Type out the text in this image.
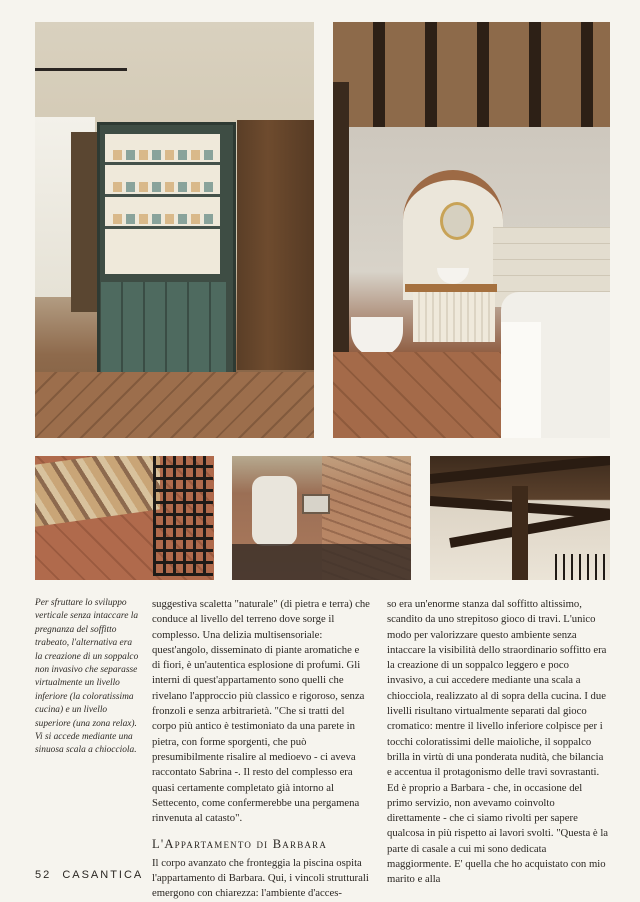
Per sfruttare lo sviluppo verticale senza intaccare la pregnanza del soffitto trabeato, l'alternativa era la creazione di un soppalco non invasivo che separasse virtualmente un livello inferiore (la coloratissima cucina) e un livello superiore (una zona relax). Vi si accede mediante una sinuosa scala a chiocciola.

suggestiva scaletta "naturale" (di pietra e terra) che conduce al livello del terreno dove sorge il complesso. Una delizia multisensoriale: quest'angolo, disseminato di piante aromatiche e di fiori, è un'autentica esplosione di profumi. Gli interni di quest'appartamento sono quelli che rivelano l'approccio più classico e rigoroso, senza fronzoli e senza arbitrarietà. "Che si tratti del corpo più antico è testimoniato da una parete in pietra, con forme sporgenti, che può presumibilmente risalire al medioevo - ci aveva raccontato Sabrina -. Il resto del complesso era quasi certamente completato già intorno al Settecento, come confermerebbe una pergamena rinvenuta al catasto".

L'Appartamento di Barbara

Il corpo avanzato che fronteggia la piscina ospita l'appartamento di Barbara. Qui, i vincoli strutturali emergono con chiarezza: l'ambiente d'acces-

so era un'enorme stanza dal soffitto altissimo, scandito da uno strepitoso gioco di travi. L'unico modo per valorizzare questo ambiente senza intaccare la visibilità dello straordinario soffitto era la creazione di un soppalco leggero e poco invasivo, a cui accedere mediante una scala a chiocciola, realizzato al di sopra della cucina. I due livelli risultano virtualmente separati dal gioco cromatico: mentre il livello inferiore colpisce per i tocchi coloratissimi delle maioliche, il soppalco brilla in virtù di una ponderata nudità, che bilancia e accentua il protagonismo delle travi sovrastanti.

Ed è proprio a Barbara - che, in occasione del primo servizio, non avevamo coinvolto direttamente - che ci siamo rivolti per sapere qualcosa in più rispetto ai lavori svolti. "Questa è la parte di casale a cui mi sono dedicata maggiormente. E' quella che ho acquistato con mio marito e alla

52 CASANTICA
